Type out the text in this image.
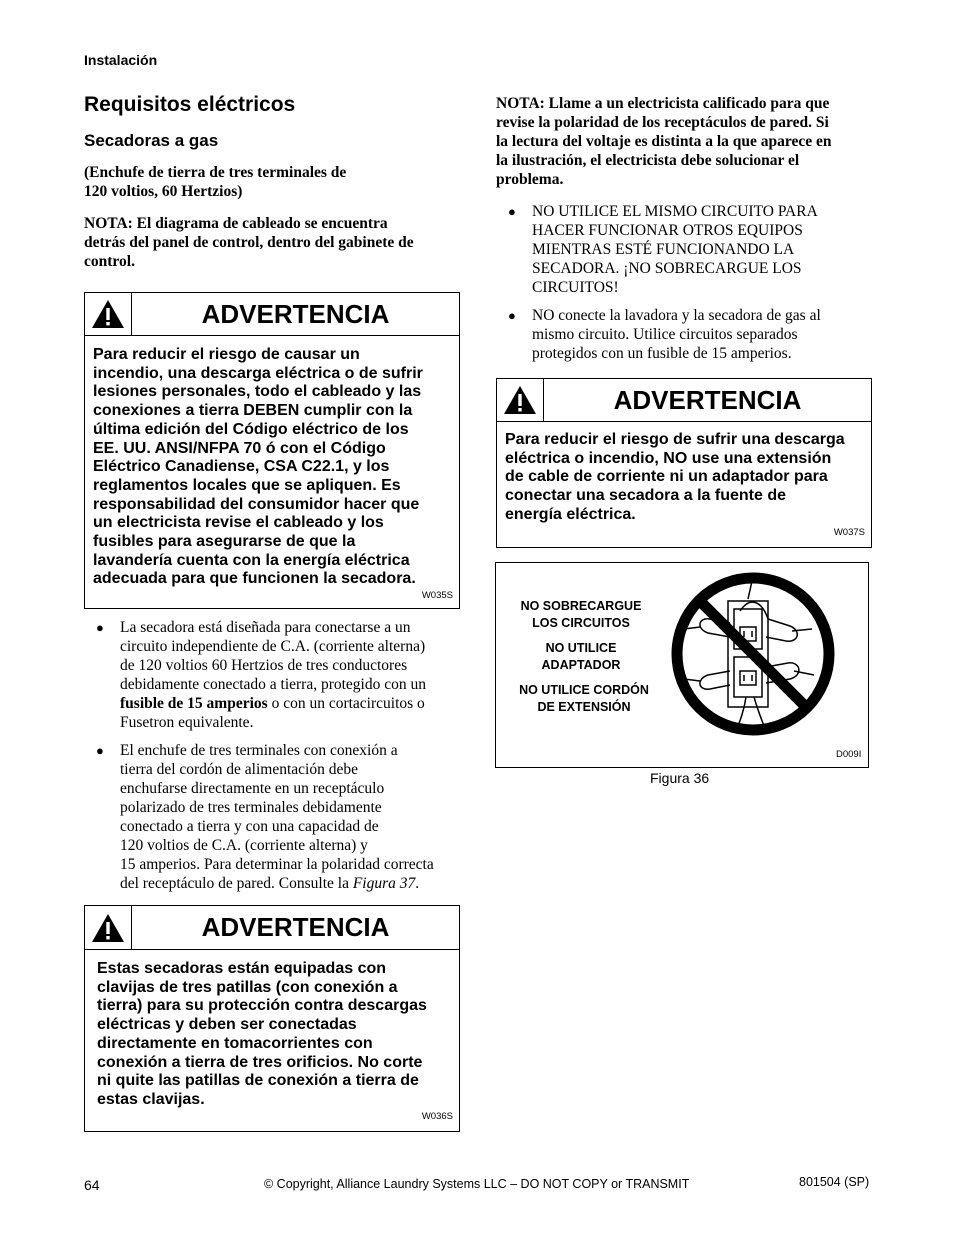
Instalación
Requisitos eléctricos
Secadoras a gas
(Enchufe de tierra de tres terminales de
120 voltios, 60 Hertzios)
NOTA: El diagrama de cableado se encuentra
detrás del panel de control, dentro del gabinete de
control.
ADVERTENCIA
Para reducir el riesgo de causar un
incendio, una descarga eléctrica o de sufrir
lesiones personales, todo el cableado y las
conexiones a tierra DEBEN cumplir con la
última edición del Código eléctrico de los
EE. UU. ANSI/NFPA 70 ó con el Código
Eléctrico Canadiense, CSA C22.1, y los
reglamentos locales que se apliquen. Es
responsabilidad del consumidor hacer que
un electricista revise el cableado y los
fusibles para asegurarse de que la
lavandería cuenta con la energía eléctrica
adecuada para que funcionen la secadora.
W035S
● La secadora está diseñada para conectarse a un
circuito independiente de C.A. (corriente alterna)
de 120 voltios 60 Hertzios de tres conductores
debidamente conectado a tierra, protegido con un
fusible de 15 amperios o con un cortacircuitos o
Fusetron equivalente.
● El enchufe de tres terminales con conexión a
tierra del cordón de alimentación debe
enchufarse directamente en un receptáculo
polarizado de tres terminales debidamente
conectado a tierra y con una capacidad de
120 voltios de C.A. (corriente alterna) y
15 amperios. Para determinar la polaridad correcta
del receptáculo de pared. Consulte la Figura 37.
ADVERTENCIA
Estas secadoras están equipadas con
clavijas de tres patillas (con conexión a
tierra) para su protección contra descargas
eléctricas y deben ser conectadas
directamente en tomacorrientes con
conexión a tierra de tres orificios. No corte
ni quite las patillas de conexión a tierra de
estas clavijas.
W036S
NOTA: Llame a un electricista calificado para que
revise la polaridad de los receptáculos de pared. Si
la lectura del voltaje es distinta a la que aparece en
la ilustración, el electricista debe solucionar el
problema.
● NO UTILICE EL MISMO CIRCUITO PARA
HACER FUNCIONAR OTROS EQUIPOS
MIENTRAS ESTÉ FUNCIONANDO LA
SECADORA. ¡NO SOBRECARGUE LOS
CIRCUITOS!
● NO conecte la lavadora y la secadora de gas al
mismo circuito. Utilice circuitos separados
protegidos con un fusible de 15 amperios.
ADVERTENCIA
Para reducir el riesgo de sufrir una descarga
eléctrica o incendio, NO use una extensión
de cable de corriente ni un adaptador para
conectar una secadora a la fuente de
energía eléctrica.
W037S
NO SOBRECARGUE
LOS CIRCUITOS
NO UTILICE
ADAPTADOR
NO UTILICE CORDÓN
DE EXTENSIÓN
D009I
Figura 36
64	© Copyright, Alliance Laundry Systems LLC – DO NOT COPY or TRANSMIT	801504 (SP)
